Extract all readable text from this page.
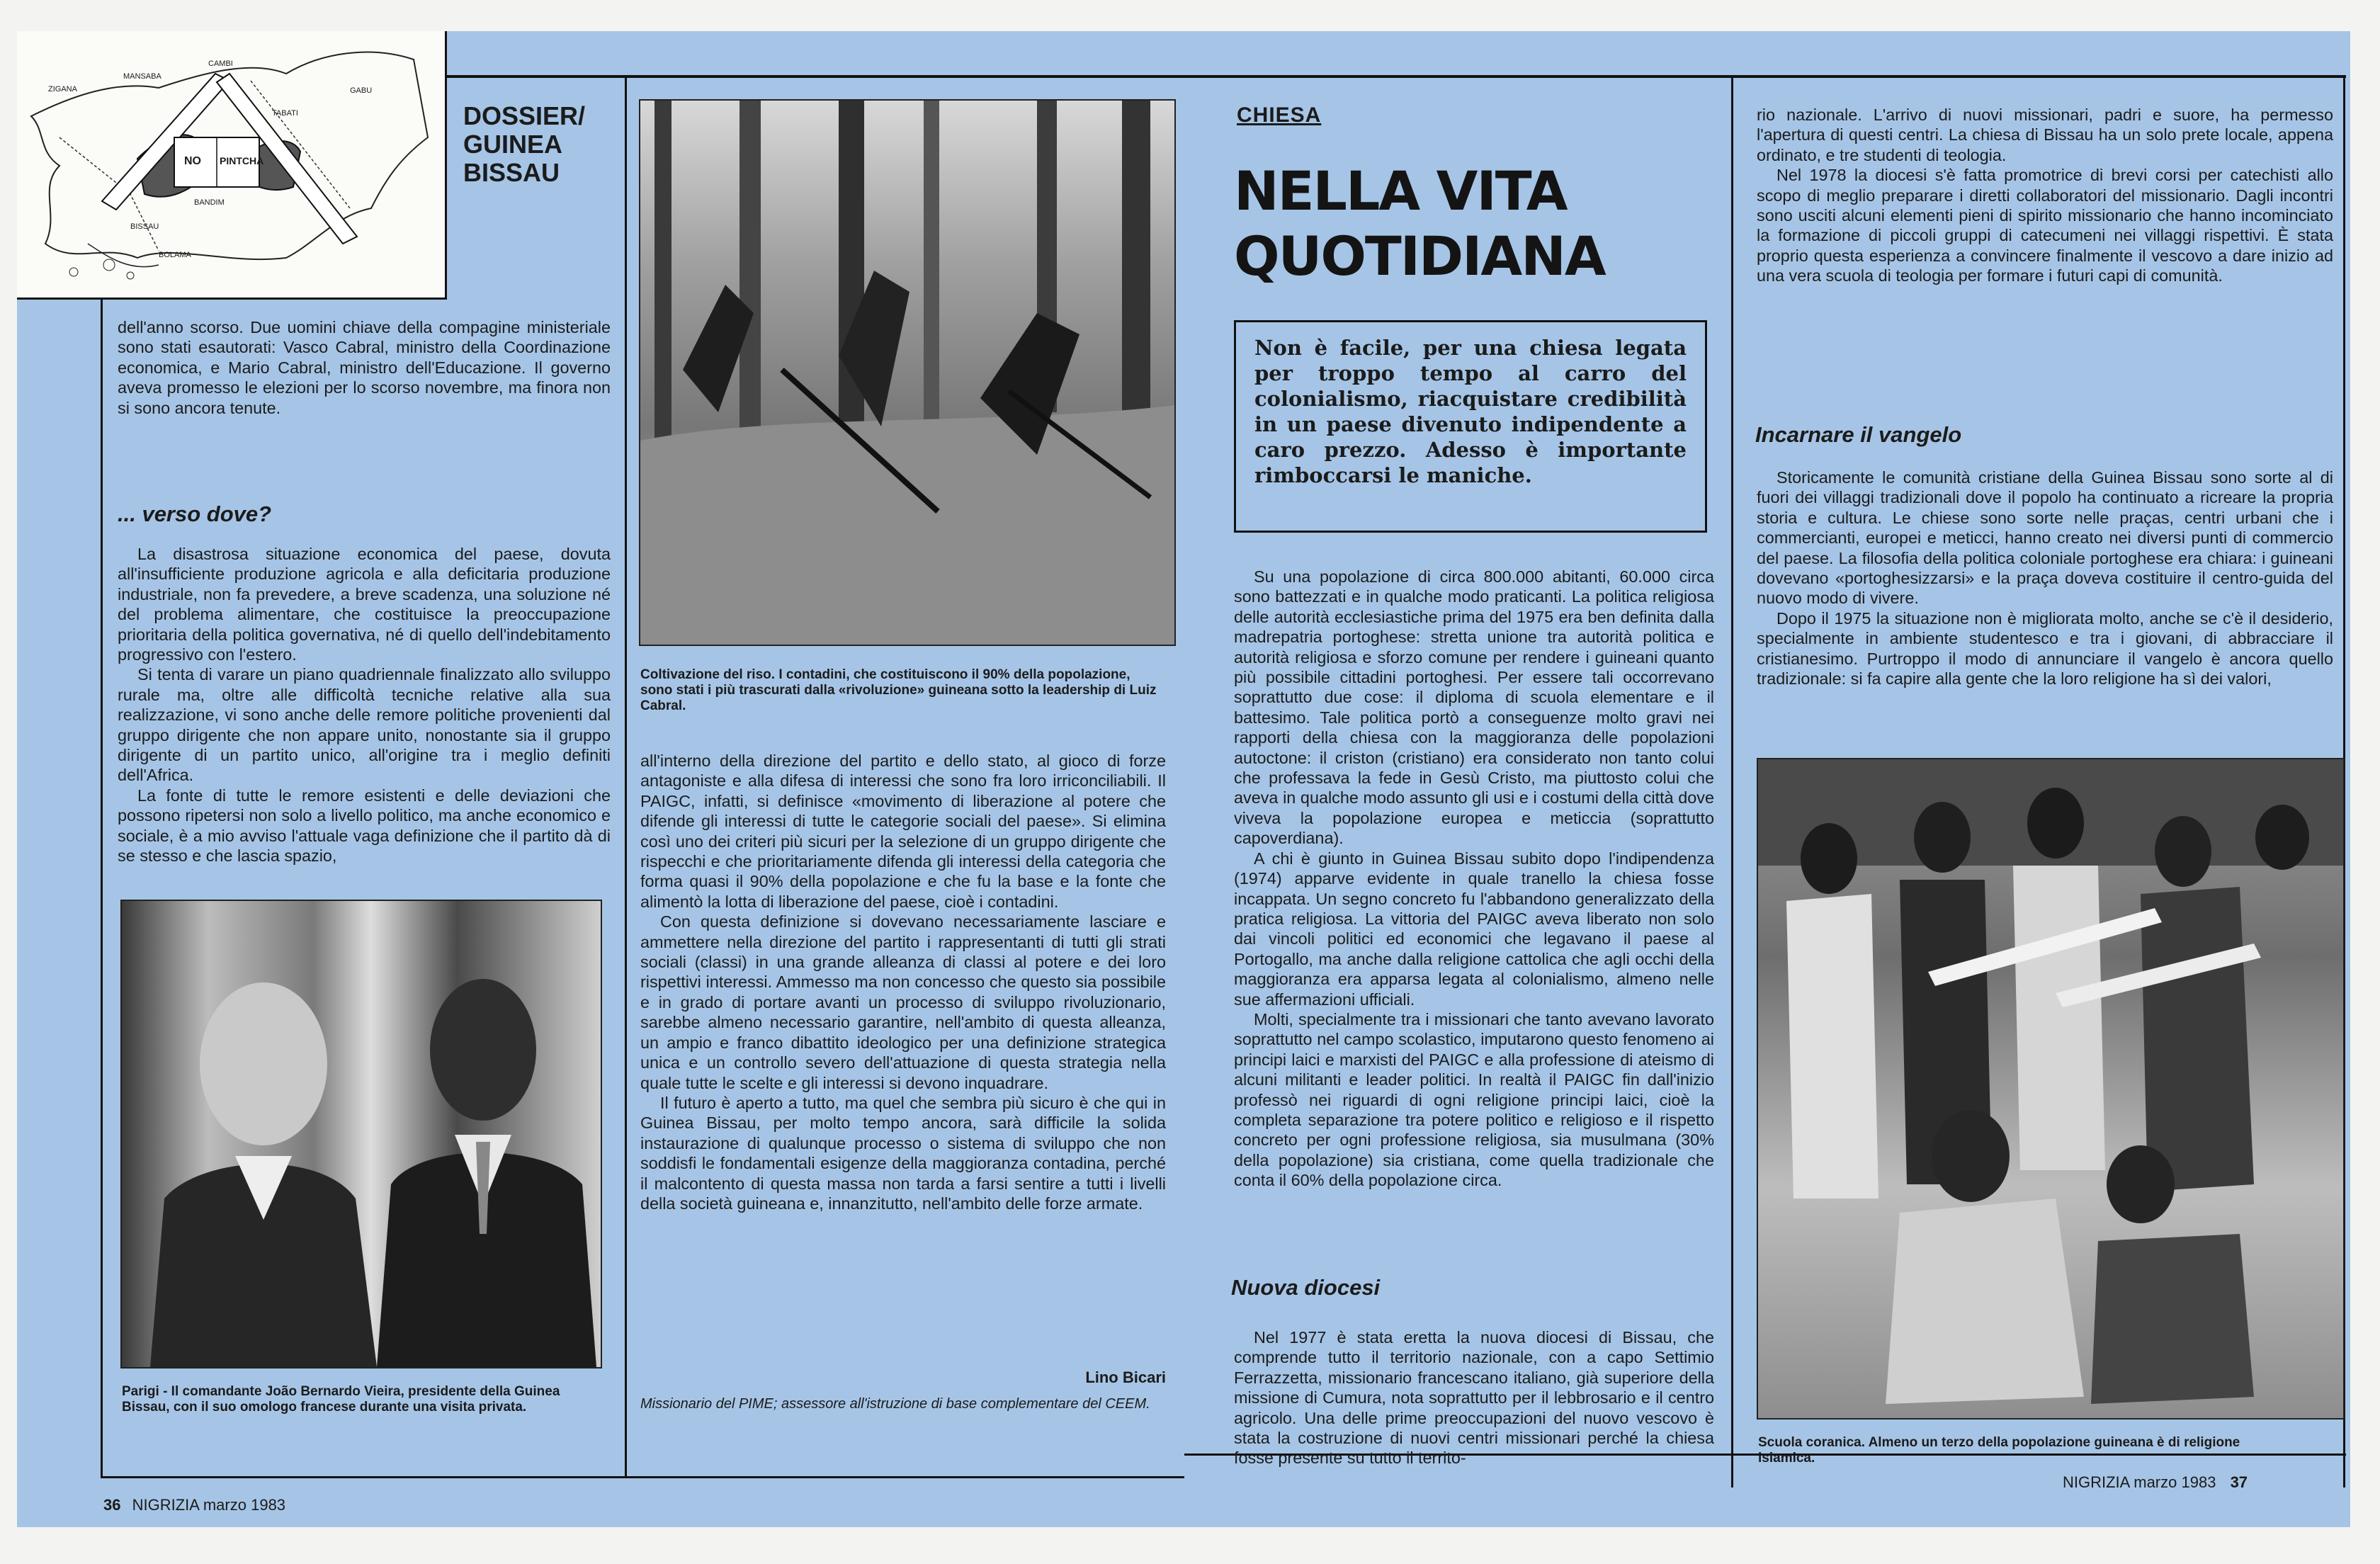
ZIGANA
MANSABA
CAMBI
GABU
TABATI
BISSAU
BOLAMA
NO PINTCHA
BANDIM
DOSSIER/ GUINEA BISSAU

dell'anno scorso. Due uomini chiave della compagine ministeriale sono stati esautorati: Vasco Cabral, ministro della Coordinazione economica, e Mario Cabral, ministro dell'Educazione. Il governo aveva promesso le elezioni per lo scorso novembre, ma finora non si sono ancora tenute.

... verso dove?

La disastrosa situazione economica del paese, dovuta all'insufficiente produzione agricola e alla deficitaria produzione industriale, non fa prevedere, a breve scadenza, una soluzione né del problema alimentare, che costituisce la preoccupazione prioritaria della politica governativa, né di quello dell'indebitamento progressivo con l'estero.

Si tenta di varare un piano quadriennale finalizzato allo sviluppo rurale ma, oltre alle difficoltà tecniche relative alla sua realizzazione, vi sono anche delle remore politiche provenienti dal gruppo dirigente che non appare unito, nonostante sia il gruppo dirigente di un partito unico, all'origine tra i meglio definiti dell'Africa.

La fonte di tutte le remore esistenti e delle deviazioni che possono ripetersi non solo a livello politico, ma anche economico e sociale, è a mio avviso l'attuale vaga definizione che il partito dà di se stesso e che lascia spazio,

Parigi - Il comandante João Bernardo Vieira, presidente della Guinea Bissau, con il suo omologo francese durante una visita privata.
Coltivazione del riso. I contadini, che costituiscono il 90% della popolazione, sono stati i più trascurati dalla «rivoluzione» guineana sotto la leadership di Luiz Cabral.

all'interno della direzione del partito e dello stato, al gioco di forze antagoniste e alla difesa di interessi che sono fra loro irriconciliabili. Il PAIGC, infatti, si definisce «movimento di liberazione al potere che difende gli interessi di tutte le categorie sociali del paese». Si elimina così uno dei criteri più sicuri per la selezione di un gruppo dirigente che rispecchi e che prioritariamente difenda gli interessi della categoria che forma quasi il 90% della popolazione e che fu la base e la fonte che alimentò la lotta di liberazione del paese, cioè i contadini.

Con questa definizione si dovevano necessariamente lasciare e ammettere nella direzione del partito i rappresentanti di tutti gli strati sociali (classi) in una grande alleanza di classi al potere e dei loro rispettivi interessi. Ammesso ma non concesso che questo sia possibile e in grado di portare avanti un processo di sviluppo rivoluzionario, sarebbe almeno necessario garantire, nell'ambito di questa alleanza, un ampio e franco dibattito ideologico per una definizione strategica unica e un controllo severo dell'attuazione di questa strategia nella quale tutte le scelte e gli interessi si devono inquadrare.

Il futuro è aperto a tutto, ma quel che sembra più sicuro è che qui in Guinea Bissau, per molto tempo ancora, sarà difficile la solida instaurazione di qualunque processo o sistema di sviluppo che non soddisfi le fondamentali esigenze della maggioranza contadina, perché il malcontento di questa massa non tarda a farsi sentire a tutti i livelli della società guineana e, innanzitutto, nell'ambito delle forze armate.

Lino Bicari
Missionario del PIME; assessore all'istruzione di base complementare del CEEM.
36 NIGRIZIA marzo 1983
CHIESA
NELLA VITA QUOTIDIANA
Non è facile, per una chiesa legata per troppo tempo al carro del colonialismo, riacquistare credibilità in un paese divenuto indipendente a caro prezzo. Adesso è importante rimboccarsi le maniche.

Su una popolazione di circa 800.000 abitanti, 60.000 circa sono battezzati e in qualche modo praticanti. La politica religiosa delle autorità ecclesiastiche prima del 1975 era ben definita dalla madrepatria portoghese: stretta unione tra autorità politica e autorità religiosa e sforzo comune per rendere i guineani quanto più possibile cittadini portoghesi. Per essere tali occorrevano soprattutto due cose: il diploma di scuola elementare e il battesimo. Tale politica portò a conseguenze molto gravi nei rapporti della chiesa con la maggioranza delle popolazioni autoctone: il criston (cristiano) era considerato non tanto colui che professava la fede in Gesù Cristo, ma piuttosto colui che aveva in qualche modo assunto gli usi e i costumi della città dove viveva la popolazione europea e meticcia (soprattutto capoverdiana).

A chi è giunto in Guinea Bissau subito dopo l'indipendenza (1974) apparve evidente in quale tranello la chiesa fosse incappata. Un segno concreto fu l'abbandono generalizzato della pratica religiosa. La vittoria del PAIGC aveva liberato non solo dai vincoli politici ed economici che legavano il paese al Portogallo, ma anche dalla religione cattolica che agli occhi della maggioranza era apparsa legata al colonialismo, almeno nelle sue affermazioni ufficiali.

Molti, specialmente tra i missionari che tanto avevano lavorato soprattutto nel campo scolastico, imputarono questo fenomeno ai principi laici e marxisti del PAIGC e alla professione di ateismo di alcuni militanti e leader politici. In realtà il PAIGC fin dall'inizio professò nei riguardi di ogni religione principi laici, cioè la completa separazione tra potere politico e religioso e il rispetto concreto per ogni professione religiosa, sia musulmana (30% della popolazione) sia cristiana, come quella tradizionale che conta il 60% della popolazione circa.

Nuova diocesi

Nel 1977 è stata eretta la nuova diocesi di Bissau, che comprende tutto il territorio nazionale, con a capo Settimio Ferrazzetta, missionario francescano italiano, già superiore della missione di Cumura, nota soprattutto per il lebbrosario e il centro agricolo. Una delle prime preoccupazioni del nuovo vescovo è stata la costruzione di nuovi centri missionari perché la chiesa fosse presente su tutto il territo-

rio nazionale. L'arrivo di nuovi missionari, padri e suore, ha permesso l'apertura di questi centri. La chiesa di Bissau ha un solo prete locale, appena ordinato, e tre studenti di teologia.

Nel 1978 la diocesi s'è fatta promotrice di brevi corsi per catechisti allo scopo di meglio preparare i diretti collaboratori del missionario. Dagli incontri sono usciti alcuni elementi pieni di spirito missionario che hanno incominciato la formazione di piccoli gruppi di catecumeni nei villaggi rispettivi. È stata proprio questa esperienza a convincere finalmente il vescovo a dare inizio ad una vera scuola di teologia per formare i futuri capi di comunità.

Incarnare il vangelo

Storicamente le comunità cristiane della Guinea Bissau sono sorte al di fuori dei villaggi tradizionali dove il popolo ha continuato a ricreare la propria storia e cultura. Le chiese sono sorte nelle praças, centri urbani che i commercianti, europei e meticci, hanno creato nei diversi punti di commercio del paese. La filosofia della politica coloniale portoghese era chiara: i guineani dovevano «portoghesizzarsi» e la praça doveva costituire il centro-guida del nuovo modo di vivere.

Dopo il 1975 la situazione non è migliorata molto, anche se c'è il desiderio, specialmente in ambiente studentesco e tra i giovani, di abbracciare il cristianesimo. Purtroppo il modo di annunciare il vangelo è ancora quello tradizionale: si fa capire alla gente che la loro religione ha sì dei valori,

Scuola coranica. Almeno un terzo della popolazione guineana è di religione islamica.
NIGRIZIA marzo 1983 37
